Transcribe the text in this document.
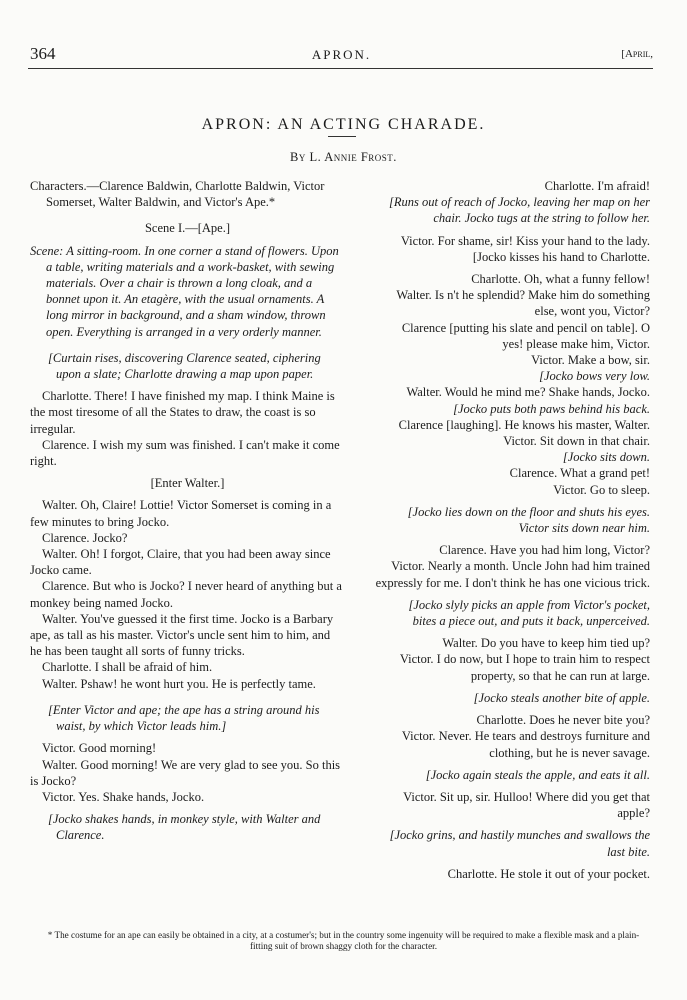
364	APRON.	[April,
APRON: AN ACTING CHARADE.
By L. Annie Frost.

Characters.—Clarence Baldwin, Charlotte Baldwin, Victor Somerset, Walter Baldwin, and Victor's Ape.*

Scene I.—[Ape.]

Scene: A sitting-room. In one corner a stand of flowers. Upon a table, writing materials and a work-basket, with sewing materials. Over a chair is thrown a long cloak, and a bonnet upon it. An etagère, with the usual ornaments. A long mirror in background, and a sham window, thrown open. Everything is arranged in a very orderly manner.

[Curtain rises, discovering Clarence seated, ciphering upon a slate; Charlotte drawing a map upon paper.

Charlotte. There! I have finished my map. I think Maine is the most tiresome of all the States to draw, the coast is so irregular.

Clarence. I wish my sum was finished. I can't make it come right.

[Enter Walter.]

Walter. Oh, Claire! Lottie! Victor Somerset is coming in a few minutes to bring Jocko.

Clarence. Jocko?

Walter. Oh! I forgot, Claire, that you had been away since Jocko came.

Clarence. But who is Jocko? I never heard of anything but a monkey being named Jocko.

Walter. You've guessed it the first time. Jocko is a Barbary ape, as tall as his master. Victor's uncle sent him to him, and he has been taught all sorts of funny tricks.

Charlotte. I shall be afraid of him.

Walter. Pshaw! he wont hurt you. He is perfectly tame.

[Enter Victor and ape; the ape has a string around his waist, by which Victor leads him.]

Victor. Good morning!

Walter. Good morning! We are very glad to see you. So this is Jocko?

Victor. Yes. Shake hands, Jocko.

[Jocko shakes hands, in monkey style, with Walter and Clarence.

Charlotte. I'm afraid!

[Runs out of reach of Jocko, leaving her map on her chair. Jocko tugs at the string to follow her.

Victor. For shame, sir! Kiss your hand to the lady. [Jocko kisses his hand to Charlotte.

Charlotte. Oh, what a funny fellow!

Walter. Is n't he splendid? Make him do something else, wont you, Victor?

Clarence [putting his slate and pencil on table]. O yes! please make him, Victor.

Victor. Make a bow, sir.

[Jocko bows very low.

Walter. Would he mind me? Shake hands, Jocko.

[Jocko puts both paws behind his back.

Clarence [laughing]. He knows his master, Walter.

Victor. Sit down in that chair.

[Jocko sits down.

Clarence. What a grand pet!

Victor. Go to sleep.

[Jocko lies down on the floor and shuts his eyes. Victor sits down near him.

Clarence. Have you had him long, Victor?

Victor. Nearly a month. Uncle John had him trained expressly for me. I don't think he has one vicious trick.

[Jocko slyly picks an apple from Victor's pocket, bites a piece out, and puts it back, unperceived.

Walter. Do you have to keep him tied up?

Victor. I do now, but I hope to train him to respect property, so that he can run at large.

[Jocko steals another bite of apple.

Charlotte. Does he never bite you?

Victor. Never. He tears and destroys furniture and clothing, but he is never savage.

[Jocko again steals the apple, and eats it all.

Victor. Sit up, sir. Hulloo! Where did you get that apple?

[Jocko grins, and hastily munches and swallows the last bite.

Charlotte. He stole it out of your pocket.

* The costume for an ape can easily be obtained in a city, at a costumer's; but in the country some ingenuity will be required to make a flexible mask and a plain-fitting suit of brown shaggy cloth for the character.
